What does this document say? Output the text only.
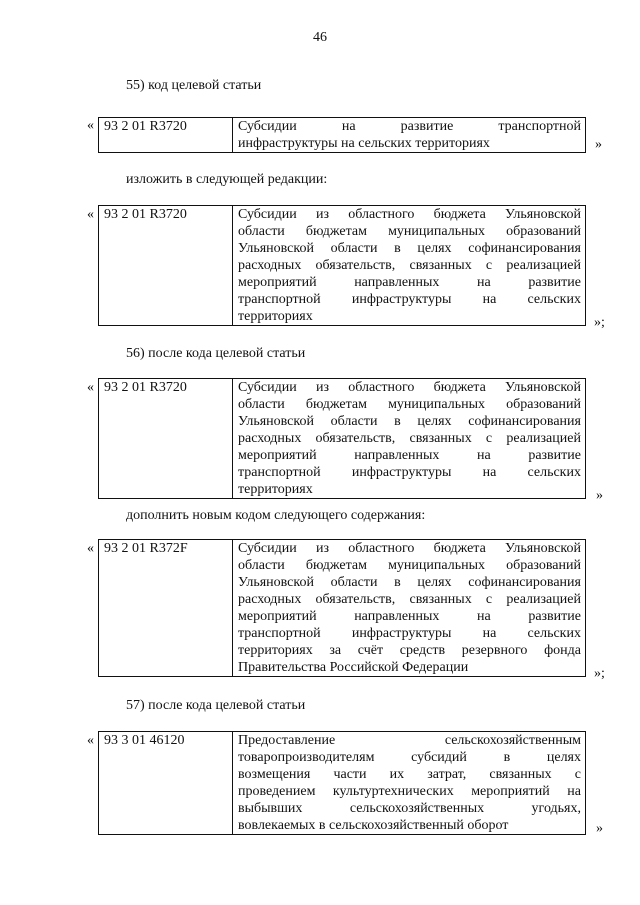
46
55) код целевой статьи
« 93 2 01 R3720	Субсидии	на	развитие	транспортной
инфраструктуры на сельских территориях	»
изложить в следующей редакции:
« 93 2 01 R3720	Субсидии из областного бюджета Ульяновской
области бюджетам муниципальных образований
Ульяновской области в целях софинансирования
расходных обязательств, связанных с реализацией
мероприятий	направленных	на	развитие
транспортной инфраструктуры на сельских
территориях	»;
56) после кода целевой статьи
« 93 2 01 R3720	Субсидии из областного бюджета Ульяновской
области бюджетам муниципальных образований
Ульяновской области в целях софинансирования
расходных обязательств, связанных с реализацией
мероприятий	направленных	на	развитие
транспортной инфраструктуры на сельских
территориях	»
дополнить новым кодом следующего содержания:
« 93 2 01 R372F	Субсидии из областного бюджета Ульяновской
области бюджетам муниципальных образований
Ульяновской области в целях софинансирования
расходных обязательств, связанных с реализацией
мероприятий	направленных	на	развитие
транспортной инфраструктуры на сельских
территориях за счёт средств резервного фонда
Правительства Российской Федерации	»;
57) после кода целевой статьи
« 93 3 01 46120	Предоставление	сельскохозяйственным
товаропроизводителям	субсидий	в	целях
возмещения части их затрат, связанных с
проведением культуртехнических мероприятий на
выбывших	сельскохозяйственных	угодьях,
вовлекаемых в сельскохозяйственный оборот	»
